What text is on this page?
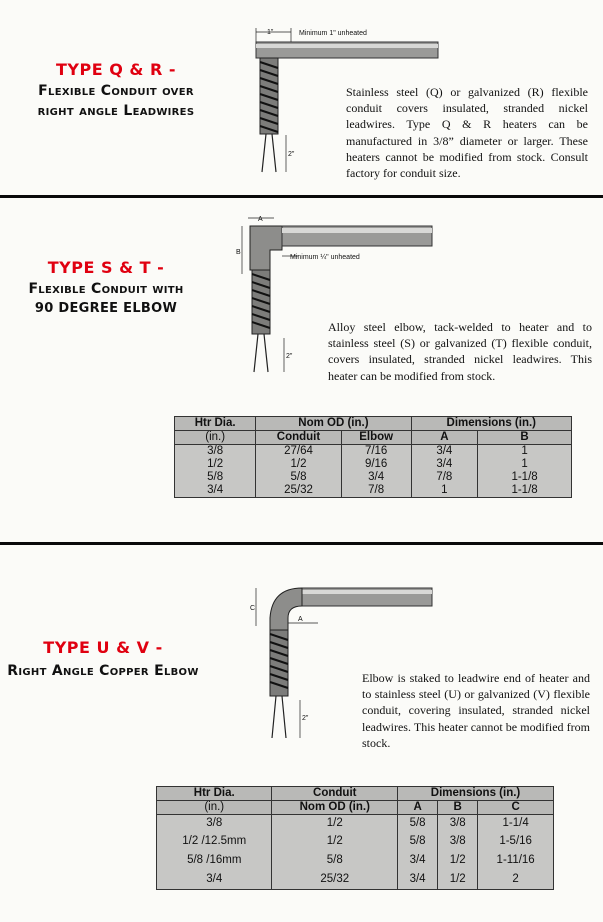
TYPE Q & R -
Flexible Conduit over
right angle Leadwires
1"	Minimum 1" unheated
2"
Stainless steel (Q) or galvanized (R) flexible conduit covers insulated, stranded nickel leadwires. Type Q & R heaters can be manufactured in 3/8” diameter or larger. These heaters cannot be modified from stock. Consult factory for conduit size.
TYPE S & T -
Flexible Conduit with
90 DEGREE ELBOW
A
B
Minimum ¼" unheated
2"
Alloy steel elbow, tack-welded to heater and to stainless steel (S) or galvanized (T) flexible conduit, covers insulated, stranded nickel leadwires. This heater can be modified from stock.
Htr Dia.	Nom OD (in.)		Dimensions (in.)	
(in.)	Conduit	Elbow	A	B
3/8	27/64	7/16	3/4	1
1/2	1/2	9/16	3/4	1
5/8	5/8	3/4	7/8	1-1/8
3/4	25/32	7/8	1	1-1/8
TYPE U & V -
Right Angle Copper Elbow
C
A
2"
Elbow is staked to leadwire end of heater and to stainless steel (U) or galvanized (V) flexible conduit, covering insulated, stranded nickel leadwires. This heater cannot be modified from stock.
Htr Dia.	Conduit	Dimensions (in.)		
(in.)	Nom OD (in.)	A	B	C
3/8	1/2	5/8	3/8	1-1/4
1/2 /12.5mm	1/2	5/8	3/8	1-5/16
5/8 /16mm	5/8	3/4	1/2	1-11/16
3/4	25/32	3/4	1/2	2
